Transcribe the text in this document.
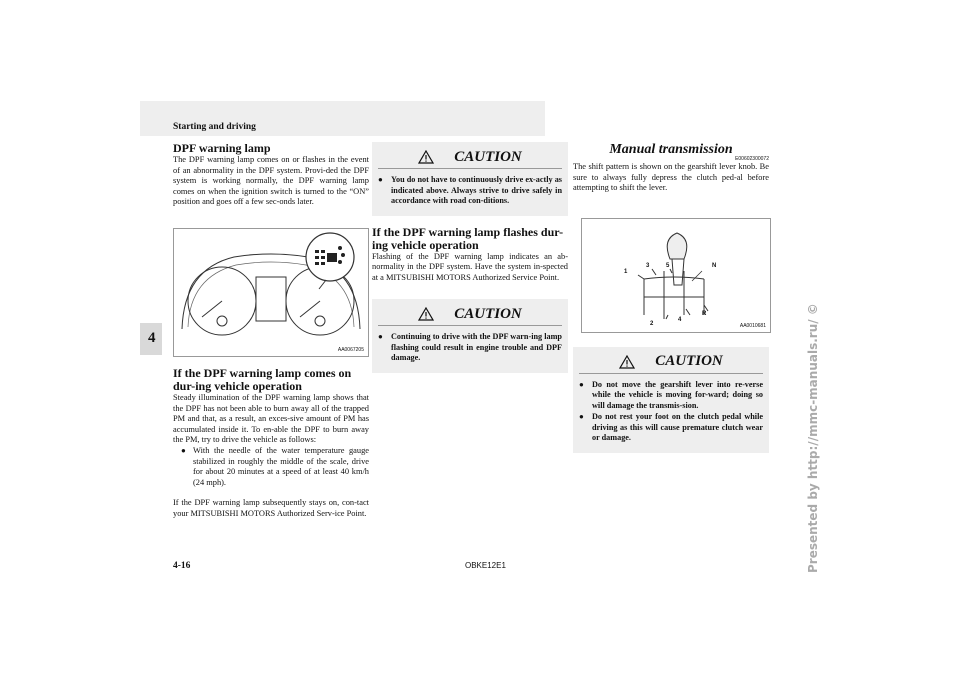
Starting and driving
4
DPF warning lamp

The DPF warning lamp comes on or flashes in the event of an abnormality in the DPF system. Provi-ded the DPF system is working normally, the DPF warning lamp comes on when the ignition switch is turned to the “ON” position and goes off a few sec-onds later.

AA0067205
If the DPF warning lamp comes on dur-ing vehicle operation

Steady illumination of the DPF warning lamp shows that the DPF has not been able to burn away all of the trapped PM and that, as a result, an exces-sive amount of PM has accumulated inside it. To en-able the DPF to burn away the PM, try to drive the vehicle as follows:

● With the needle of the water temperature gauge stabilized in roughly the middle of the scale, drive for about 20 minutes at a speed of at least 40 km/h (24 mph).

If the DPF warning lamp subsequently stays on, con-tact your MITSUBISHI MOTORS Authorized Serv-ice Point.

CAUTION
● You do not have to continuously drive ex-actly as indicated above. Always strive to drive safely in accordance with road con-ditions.
If the DPF warning lamp flashes dur-ing vehicle operation

Flashing of the DPF warning lamp indicates an ab-normality in the DPF system. Have the system in-spected at a MITSUBISHI MOTORS Authorized Service Point.

CAUTION
● Continuing to drive with the DPF warn-ing lamp flashing could result in engine trouble and DPF damage.
Manual transmission
E00602300072

The shift pattern is shown on the gearshift lever knob. Be sure to always fully depress the clutch ped-al before attempting to shift the lever.

1
3	5	N
2
4
R
AA0010681
CAUTION
● Do not move the gearshift lever into re-verse while the vehicle is moving for-ward; doing so will damage the transmis-sion.
● Do not rest your foot on the clutch pedal while driving as this will cause premature clutch wear or damage.
4-16	OBKE12E1	Presented by http://mmc-manuals.ru/ ©
